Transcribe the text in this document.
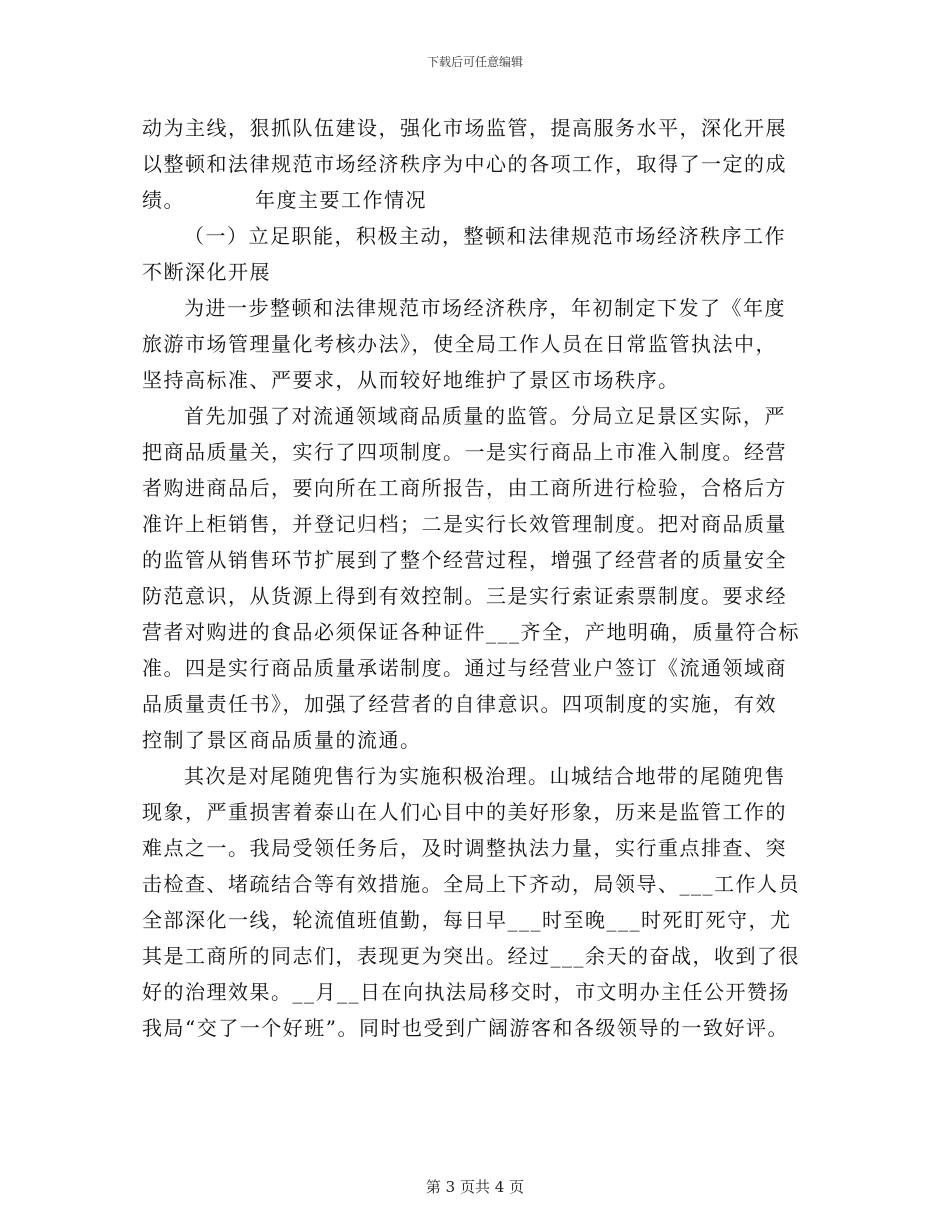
下载后可任意编辑
动为主线，狠抓队伍建设，强化市场监管，提高服务水平，深化开展
以整顿和法律规范市场经济秩序为中心的各项工作，取得了一定的成
绩。	年度主要工作情况
（一）立足职能，积极主动，整顿和法律规范市场经济秩序工作
不断深化开展
为进一步整顿和法律规范市场经济秩序，年初制定下发了《年度
旅游市场管理量化考核办法》，使全局工作人员在日常监管执法中，
坚持高标准、严要求，从而较好地维护了景区市场秩序。
首先加强了对流通领域商品质量的监管。分局立足景区实际，严
把商品质量关，实行了四项制度。一是实行商品上市准入制度。经营
者购进商品后，要向所在工商所报告，由工商所进行检验，合格后方
准许上柜销售，并登记归档；二是实行长效管理制度。把对商品质量
的监管从销售环节扩展到了整个经营过程，增强了经营者的质量安全
防范意识，从货源上得到有效控制。三是实行索证索票制度。要求经
营者对购进的食品必须保证各种证件___齐全，产地明确，质量符合标
准。四是实行商品质量承诺制度。通过与经营业户签订《流通领域商
品质量责任书》，加强了经营者的自律意识。四项制度的实施，有效
控制了景区商品质量的流通。
其次是对尾随兜售行为实施积极治理。山城结合地带的尾随兜售
现象，严重损害着泰山在人们心目中的美好形象，历来是监管工作的
难点之一。我局受领任务后，及时调整执法力量，实行重点排查、突
击检查、堵疏结合等有效措施。全局上下齐动，局领导、___工作人员
全部深化一线，轮流值班值勤，每日早___时至晚___时死盯死守，尤
其是工商所的同志们，表现更为突出。经过___余天的奋战，收到了很
好的治理效果。__月__日在向执法局移交时，市文明办主任公开赞扬
我局“交了一个好班”。同时也受到广阔游客和各级领导的一致好评。
第 3 页共 4 页
